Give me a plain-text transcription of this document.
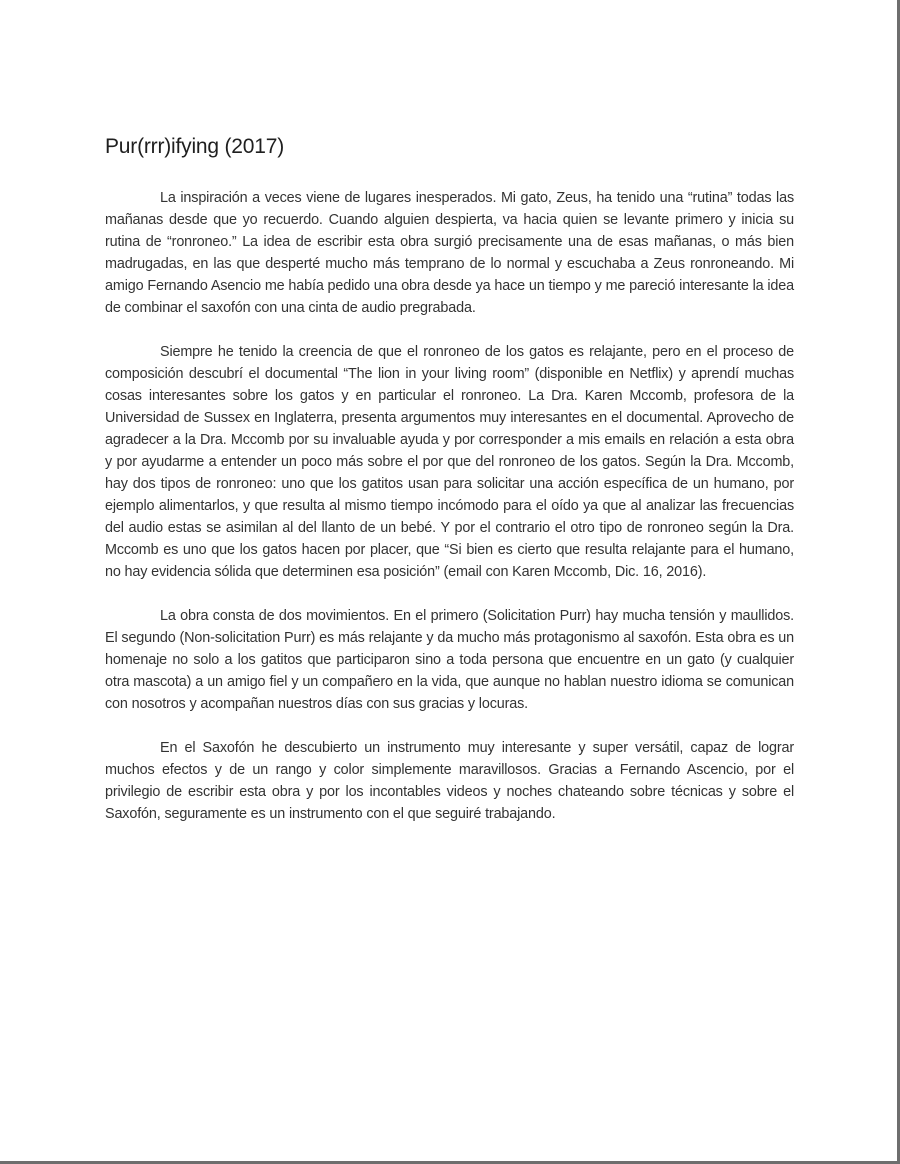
Pur(rrr)ifying (2017)

La inspiración a veces viene de lugares inesperados. Mi gato, Zeus, ha tenido una “rutina” todas las mañanas desde que yo recuerdo. Cuando alguien despierta, va hacia quien se levante primero y inicia su rutina de “ronroneo.” La idea de escribir esta obra surgió precisamente una de esas mañanas, o más bien madrugadas, en las que desperté mucho más temprano de lo normal y escuchaba a Zeus ronroneando. Mi amigo Fernando Asencio me había pedido una obra desde ya hace un tiempo y me pareció interesante la idea de combinar el saxofón con una cinta de audio pregrabada.

Siempre he tenido la creencia de que el ronroneo de los gatos es relajante, pero en el proceso de composición descubrí el documental “The lion in your living room” (disponible en Netflix) y aprendí muchas cosas interesantes sobre los gatos y en particular el ronroneo. La Dra. Karen Mccomb, profesora de la Universidad de Sussex en Inglaterra, presenta argumentos muy interesantes en el documental. Aprovecho de agradecer a la Dra. Mccomb por su invaluable ayuda y por corresponder a mis emails en relación a esta obra y por ayudarme a entender un poco más sobre el por que del ronroneo de los gatos. Según la Dra. Mccomb, hay dos tipos de ronroneo: uno que los gatitos usan para solicitar una acción específica de un humano, por ejemplo alimentarlos, y que resulta al mismo tiempo incómodo para el oído ya que al analizar las frecuencias del audio estas se asimilan al del llanto de un bebé. Y por el contrario el otro tipo de ronroneo según la Dra. Mccomb es uno que los gatos hacen por placer, que “Si bien es cierto que resulta relajante para el humano, no hay evidencia sólida que determinen esa posición” (email con Karen Mccomb, Dic. 16, 2016).

La obra consta de dos movimientos. En el primero (Solicitation Purr) hay mucha tensión y maullidos. El segundo (Non-solicitation Purr) es más relajante y da mucho más protagonismo al saxofón. Esta obra es un homenaje no solo a los gatitos que participaron sino a toda persona que encuentre en un gato (y cualquier otra mascota) a un amigo fiel y un compañero en la vida, que aunque no hablan nuestro idioma se comunican con nosotros y acompañan nuestros días con sus gracias y locuras.

En el Saxofón he descubierto un instrumento muy interesante y super versátil, capaz de lograr muchos efectos y de un rango y color simplemente maravillosos. Gracias a Fernando Ascencio, por el privilegio de escribir esta obra y por los incontables videos y noches chateando sobre técnicas y sobre el Saxofón, seguramente es un instrumento con el que seguiré trabajando.
